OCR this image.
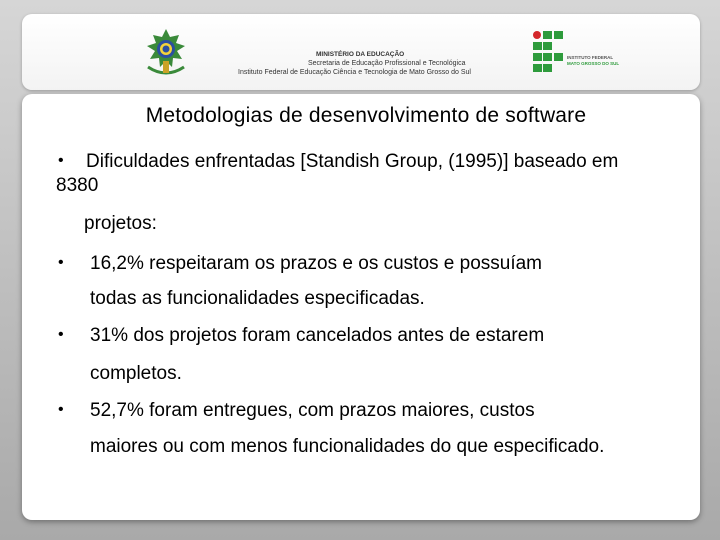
MINISTÉRIO DA EDUCAÇÃO
Secretaria de Educação Profissional e Tecnológica
Instituto Federal de Educação Ciência e Tecnologia de Mato Grosso do Sul
INSTITUTO FEDERAL
MATO GROSSO DO SUL
Metodologias de desenvolvimento de software
• Dificuldades enfrentadas [Standish Group, (1995)] baseado em
8380
projetos:
• 16,2% respeitaram os prazos e os custos e possuíam
todas as funcionalidades especificadas.
• 31% dos projetos foram cancelados antes de estarem
completos.
• 52,7% foram entregues, com prazos maiores, custos
maiores ou com menos funcionalidades do que especificado.
